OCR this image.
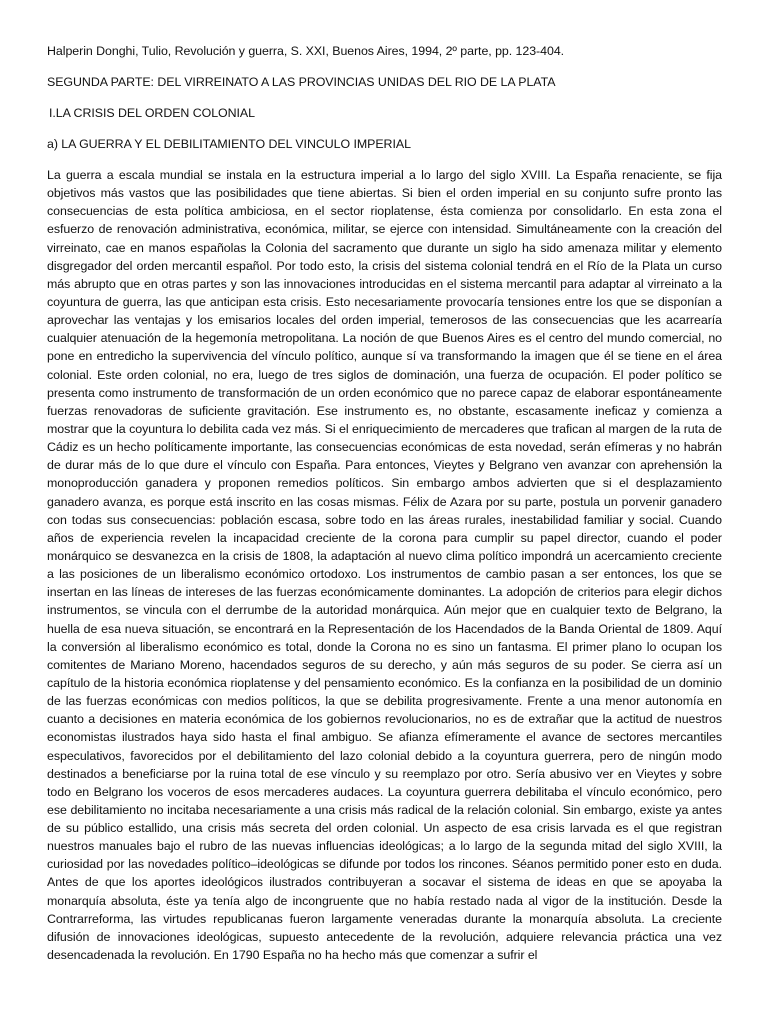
Halperin Donghi, Tulio, Revolución y guerra, S. XXI, Buenos Aires, 1994, 2º parte, pp. 123-404.

SEGUNDA PARTE: DEL VIRREINATO A LAS PROVINCIAS UNIDAS DEL RIO DE LA PLATA

I.LA CRISIS DEL ORDEN COLONIAL

a) LA GUERRA Y EL DEBILITAMIENTO DEL VINCULO IMPERIAL

La guerra a escala mundial se instala en la estructura imperial a lo largo del siglo XVIII. La España renaciente, se fija objetivos más vastos que las posibilidades que tiene abiertas. Si bien el orden imperial en su conjunto sufre pronto las consecuencias de esta política ambiciosa, en el sector rioplatense, ésta comienza por consolidarlo. En esta zona el esfuerzo de renovación administrativa, económica, militar, se ejerce con intensidad. Simultáneamente con la creación del virreinato, cae en manos españolas la Colonia del sacramento que durante un siglo ha sido amenaza militar y elemento disgregador del orden mercantil español. Por todo esto, la crisis del sistema colonial tendrá en el Río de la Plata un curso más abrupto que en otras partes y son las innovaciones introducidas en el sistema mercantil para adaptar al virreinato a la coyuntura de guerra, las que anticipan esta crisis. Esto necesariamente provocaría tensiones entre los que se disponían a aprovechar las ventajas y los emisarios locales del orden imperial, temerosos de las consecuencias que les acarrearía cualquier atenuación de la hegemonía metropolitana. La noción de que Buenos Aires es el centro del mundo comercial, no pone en entredicho la supervivencia del vínculo político, aunque sí va transformando la imagen que él se tiene en el área colonial. Este orden colonial, no era, luego de tres siglos de dominación, una fuerza de ocupación. El poder político se presenta como instrumento de transformación de un orden económico que no parece capaz de elaborar espontáneamente fuerzas renovadoras de suficiente gravitación. Ese instrumento es, no obstante, escasamente ineficaz y comienza a mostrar que la coyuntura lo debilita cada vez más. Si el enriquecimiento de mercaderes que trafican al margen de la ruta de Cádiz es un hecho políticamente importante, las consecuencias económicas de esta novedad, serán efímeras y no habrán de durar más de lo que dure el vínculo con España. Para entonces, Vieytes y Belgrano ven avanzar con aprehensión la monoproducción ganadera y proponen remedios políticos. Sin embargo ambos advierten que si el desplazamiento ganadero avanza, es porque está inscrito en las cosas mismas. Félix de Azara por su parte, postula un porvenir ganadero con todas sus consecuencias: población escasa, sobre todo en las áreas rurales, inestabilidad familiar y social. Cuando años de experiencia revelen la incapacidad creciente de la corona para cumplir su papel director, cuando el poder monárquico se desvanezca en la crisis de 1808, la adaptación al nuevo clima político impondrá un acercamiento creciente a las posiciones de un liberalismo económico ortodoxo. Los instrumentos de cambio pasan a ser entonces, los que se insertan en las líneas de intereses de las fuerzas económicamente dominantes. La adopción de criterios para elegir dichos instrumentos, se vincula con el derrumbe de la autoridad monárquica. Aún mejor que en cualquier texto de Belgrano, la huella de esa nueva situación, se encontrará en la Representación de los Hacendados de la Banda Oriental de 1809. Aquí la conversión al liberalismo económico es total, donde la Corona no es sino un fantasma. El primer plano lo ocupan los comitentes de Mariano Moreno, hacendados seguros de su derecho, y aún más seguros de su poder. Se cierra así un capítulo de la historia económica rioplatense y del pensamiento económico. Es la confianza en la posibilidad de un dominio de las fuerzas económicas con medios políticos, la que se debilita progresivamente. Frente a una menor autonomía en cuanto a decisiones en materia económica de los gobiernos revolucionarios, no es de extrañar que la actitud de nuestros economistas ilustrados haya sido hasta el final ambiguo. Se afianza efímeramente el avance de sectores mercantiles especulativos, favorecidos por el debilitamiento del lazo colonial debido a la coyuntura guerrera, pero de ningún modo destinados a beneficiarse por la ruina total de ese vínculo y su reemplazo por otro. Sería abusivo ver en Vieytes y sobre todo en Belgrano los voceros de esos mercaderes audaces. La coyuntura guerrera debilitaba el vínculo económico, pero ese debilitamiento no incitaba necesariamente a una crisis más radical de la relación colonial. Sin embargo, existe ya antes de su público estallido, una crisis más secreta del orden colonial. Un aspecto de esa crisis larvada es el que registran nuestros manuales bajo el rubro de las nuevas influencias ideológicas; a lo largo de la segunda mitad del siglo XVIII, la curiosidad por las novedades político–ideológicas se difunde por todos los rincones. Séanos permitido poner esto en duda. Antes de que los aportes ideológicos ilustrados contribuyeran a socavar el sistema de ideas en que se apoyaba la monarquía absoluta, éste ya tenía algo de incongruente que no había restado nada al vigor de la institución. Desde la Contrarreforma, las virtudes republicanas fueron largamente veneradas durante la monarquía absoluta. La creciente difusión de innovaciones ideológicas, supuesto antecedente de la revolución, adquiere relevancia práctica una vez desencadenada la revolución. En 1790 España no ha hecho más que comenzar a sufrir el
